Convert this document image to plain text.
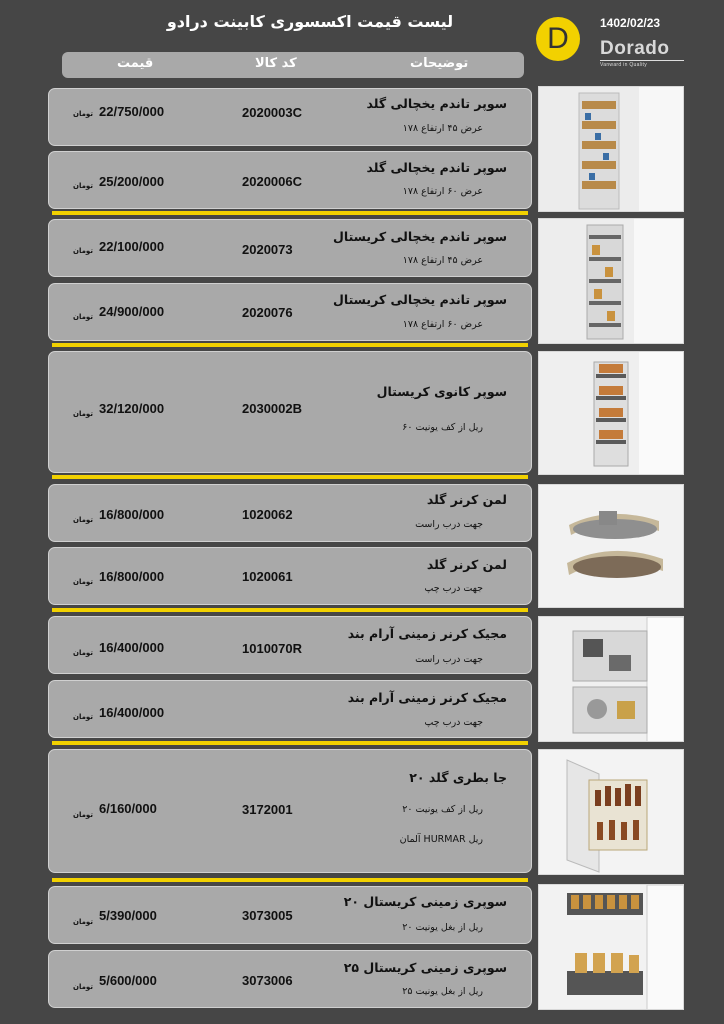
لیست قیمت اکسسوری کابینت درادو	1402/02/23
D	Dorado
Vanward in Quality
توضیحات
کد کالا
قیمت
سوپر تاندم یخچالی گلد
عرض ۴۵ ارتفاع ۱۷۸
2020003C
22/750/000
تومان
سوپر تاندم یخچالی گلد
عرض ۶۰ ارتفاع ۱۷۸
2020006C
25/200/000
تومان
سوپر تاندم یخچالی کریستال
عرض ۴۵ ارتفاع ۱۷۸
2020073
22/100/000
تومان
سوپر تاندم یخچالی کریستال
عرض ۶۰ ارتفاع ۱۷۸
2020076
24/900/000
تومان
سوپر کانوی کریستال
ریل از کف یونیت ۶۰
2030002B
32/120/000
تومان
لمن کرنر گلد
جهت درب راست
1020062
16/800/000
تومان
لمن کرنر گلد
جهت درب چپ
1020061
16/800/000
تومان
مجیک کرنر زمینی آرام بند
جهت درب راست
1010070R
16/400/000
تومان
مجیک کرنر زمینی آرام بند
جهت درب چپ
16/400/000
تومان
جا بطری گلد ۲۰
ریل از کف یونیت ۲۰
ریل HURMAR آلمان
3172001
6/160/000
تومان
سوپری زمینی کریستال ۲۰
ریل از بغل یونیت ۲۰
3073005
5/390/000
تومان
سوپری زمینی کریستال ۲۵
ریل از بغل یونیت ۲۵
3073006
5/600/000
تومان
